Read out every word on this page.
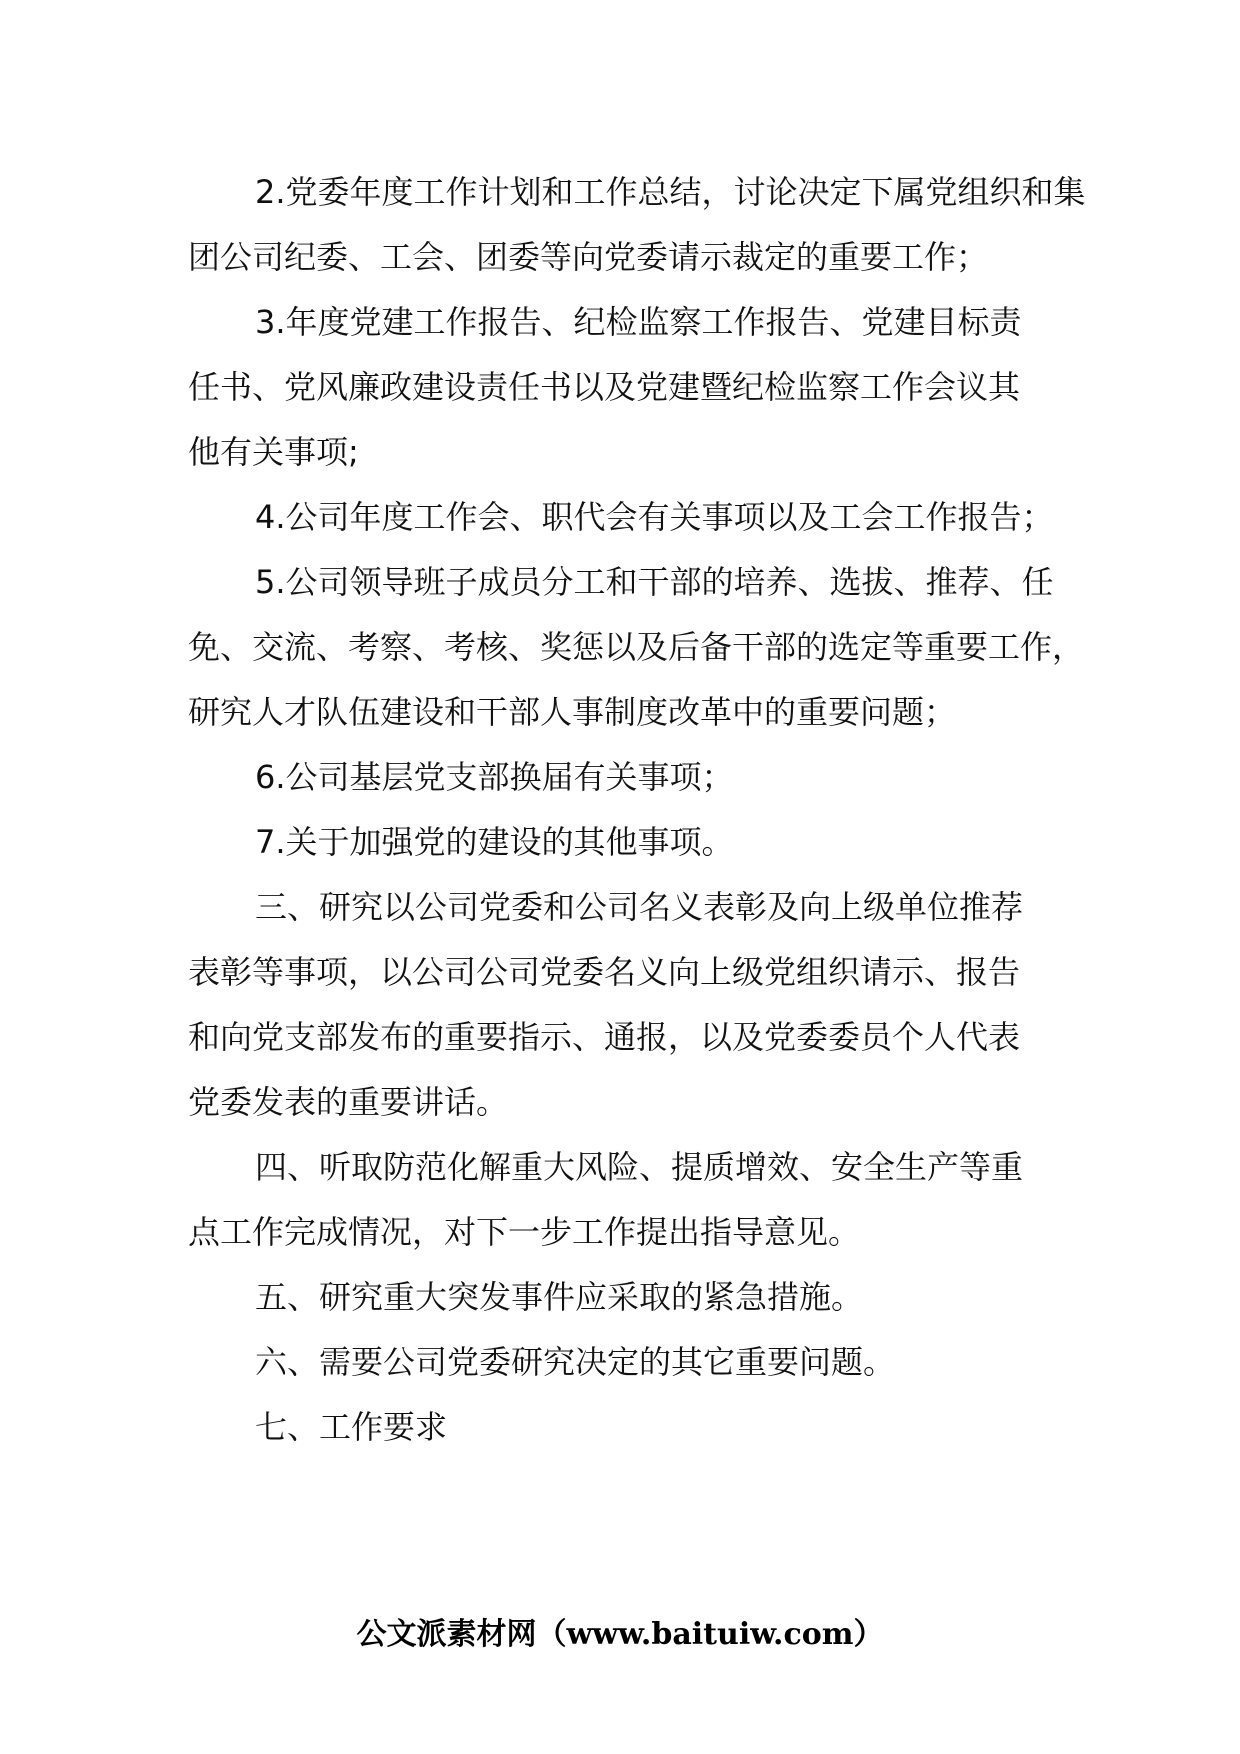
2.党委年度工作计划和工作总结，讨论决定下属党组织和集团公司纪委、工会、团委等向党委请示裁定的重要工作；

3.年度党建工作报告、纪检监察工作报告、党建目标责任书、党风廉政建设责任书以及党建暨纪检监察工作会议其他有关事项;

4.公司年度工作会、职代会有关事项以及工会工作报告；

5.公司领导班子成员分工和干部的培养、选拔、推荐、任免、交流、考察、考核、奖惩以及后备干部的选定等重要工作，研究人才队伍建设和干部人事制度改革中的重要问题；

6.公司基层党支部换届有关事项；

7.关于加强党的建设的其他事项。

三、研究以公司党委和公司名义表彰及向上级单位推荐表彰等事项，以公司公司党委名义向上级党组织请示、报告和向党支部发布的重要指示、通报，以及党委委员个人代表党委发表的重要讲话。

四、听取防范化解重大风险、提质增效、安全生产等重点工作完成情况，对下一步工作提出指导意见。

五、研究重大突发事件应采取的紧急措施。

六、需要公司党委研究决定的其它重要问题。

七、工作要求

公文派素材网（www.baituiw.com）
